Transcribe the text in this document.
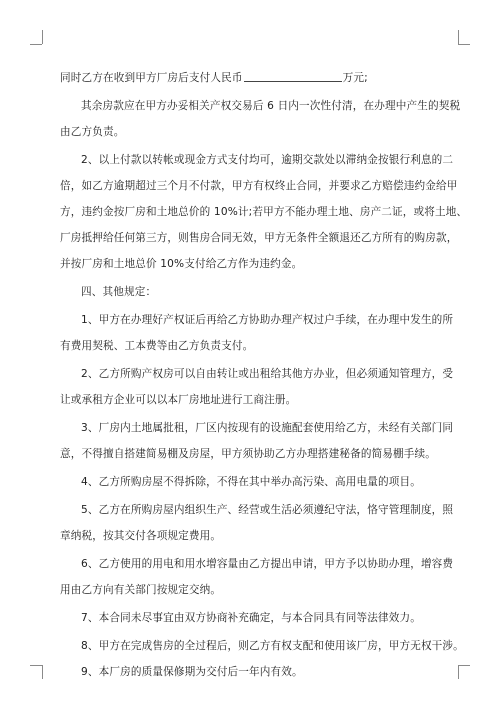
同时乙方在收到甲方厂房后支付人民币	万元;
其余房款应在甲方办妥相关产权交易后 6 日内一次性付清，在办理中产生的契税
由乙方负责。
2、以上付款以转帐或现金方式支付均可，逾期交款处以滞纳金按银行利息的二
倍，如乙方逾期超过三个月不付款，甲方有权终止合同，并要求乙方赔偿违约金给甲
方，违约金按厂房和土地总价的 10%计;若甲方不能办理土地、房产二证，或将土地、
厂房抵押给任何第三方，则售房合同无效，甲方无条件全额退还乙方所有的购房款，
并按厂房和土地总价 10%支付给乙方作为违约金。
四、其他规定：
1、甲方在办理好产权证后再给乙方协助办理产权过户手续，在办理中发生的所
有费用契税、工本费等由乙方负责支付。
2、乙方所购产权房可以自由转让或出租给其他方办业，但必须通知管理方，受
让或承租方企业可以以本厂房地址进行工商注册。
3、厂房内土地属批租，厂区内按现有的设施配套使用给乙方，未经有关部门同
意，不得擅自搭建简易棚及房屋，甲方须协助乙方办理搭建秘备的简易棚手续。
4、乙方所购房屋不得拆除，不得在其中举办高污染、高用电量的项目。
5、乙方在所购房屋内组织生产、经营或生活必须遵纪守法，恪守管理制度，照
章纳税，按其交付各项规定费用。
6、乙方使用的用电和用水增容量由乙方提出申请，甲方予以协助办理，增容费
用由乙方向有关部门按规定交纳。
7、本合同未尽事宜由双方协商补充确定，与本合同具有同等法律效力。
8、甲方在完成售房的全过程后，则乙方有权支配和使用该厂房，甲方无权干涉。
9、本厂房的质量保修期为交付后一年内有效。
